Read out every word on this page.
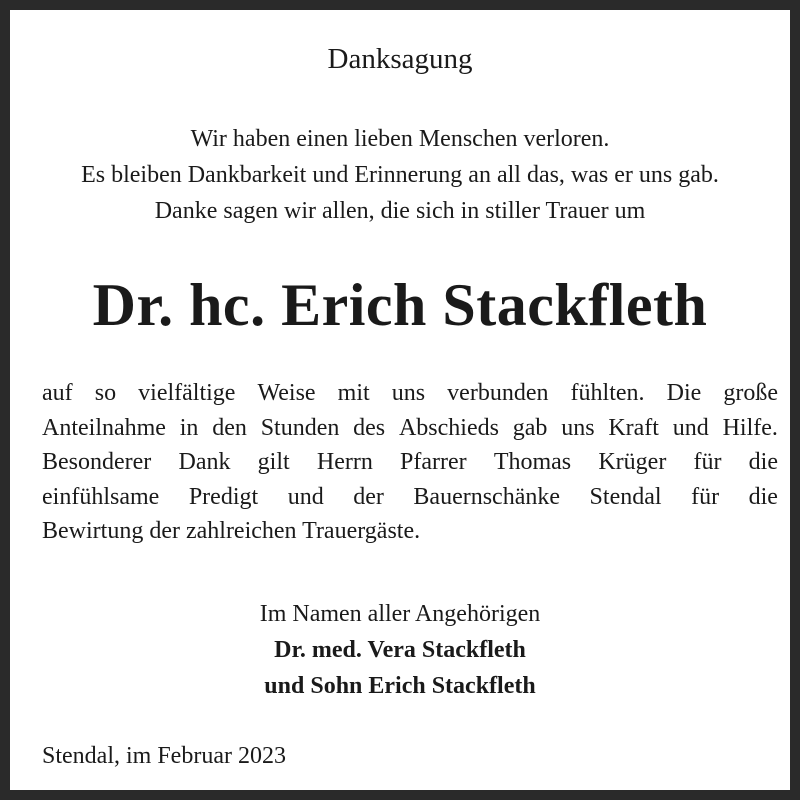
Danksagung
Wir haben einen lieben Menschen verloren.
Es bleiben Dankbarkeit und Erinnerung an all das, was er uns gab.
Danke sagen wir allen, die sich in stiller Trauer um
Dr. hc. Erich Stackfleth
auf so vielfältige Weise mit uns verbunden fühlten. Die große
Anteilnahme in den Stunden des Abschieds gab uns Kraft und Hilfe.
Besonderer Dank gilt Herrn Pfarrer Thomas Krüger für die
einfühlsame Predigt und der Bauernschänke Stendal für die
Bewirtung der zahlreichen Trauergäste.
Im Namen aller Angehörigen
Dr. med. Vera Stackfleth
und Sohn Erich Stackfleth
Stendal, im Februar 2023
